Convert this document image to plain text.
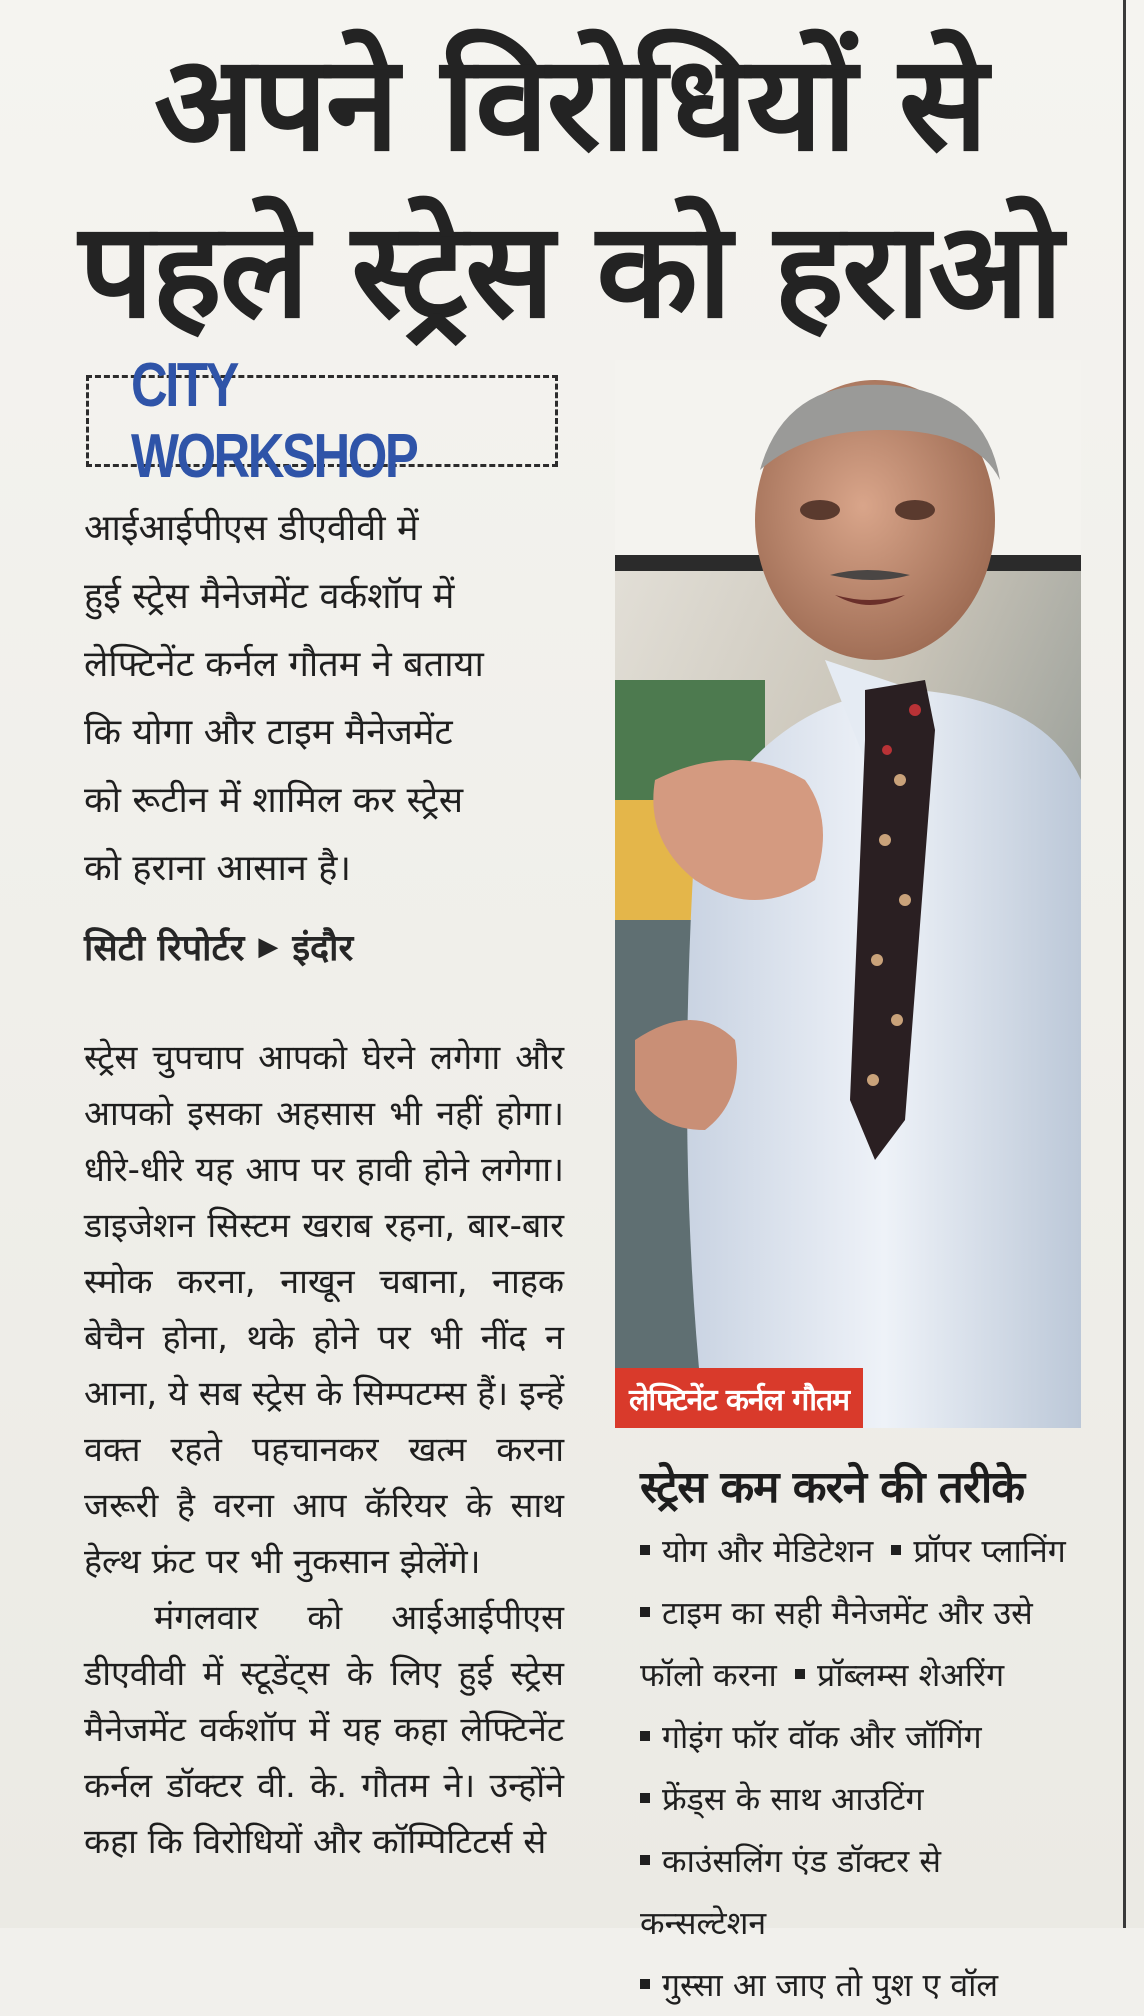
अपने विरोधियों से
पहले स्ट्रेस को हराओ
CITY WORKSHOP

आईआईपीएस डीएवीवी में

हुई स्ट्रेस मैनेजमेंट वर्कशॉप में

लेफ्टिनेंट कर्नल गौतम ने बताया

कि योगा और टाइम मैनेजमेंट

को रूटीन में शामिल कर स्ट्रेस

को हराना आसान है।

सिटी रिपोर्टर ▶ इंदौर

स्ट्रेस चुपचाप आपको घेरने लगेगा और आपको इसका अहसास भी नहीं होगा। धीरे-धीरे यह आप पर हावी होने लगेगा। डाइजेशन सिस्टम खराब रहना, बार-बार स्मोक करना, नाखून चबाना, नाहक बेचैन होना, थके होने पर भी नींद न आना, ये सब स्ट्रेस के सिम्पटम्स हैं। इन्हें वक्त रहते पहचानकर खत्म करना जरूरी है वरना आप कॅरियर के साथ हेल्थ फ्रंट पर भी नुकसान झेलेंगे।

मंगलवार को आईआईपीएस डीएवीवी में स्टूडेंट्स के लिए हुई स्ट्रेस मैनेजमेंट वर्कशॉप में यह कहा लेफ्टिनेंट कर्नल डॉक्टर वी. के. गौतम ने। उन्होंने कहा कि विरोधियों और कॉम्पिटिटर्स से

लेफ्टिनेंट कर्नल गौतम
स्ट्रेस कम करने की तरीके
योग और मेडिटेशन प्रॉपर प्लानिंग
टाइम का सही मैनेजमेंट और उसे
फॉलो करना प्रॉब्लम्स शेअरिंग
गोइंग फॉर वॉक और जॉगिंग
फ्रेंड्स के साथ आउटिंग
काउंसलिंग एंड डॉक्टर से
कन्सल्टेशन
गुस्सा आ जाए तो पुश ए वॉल
